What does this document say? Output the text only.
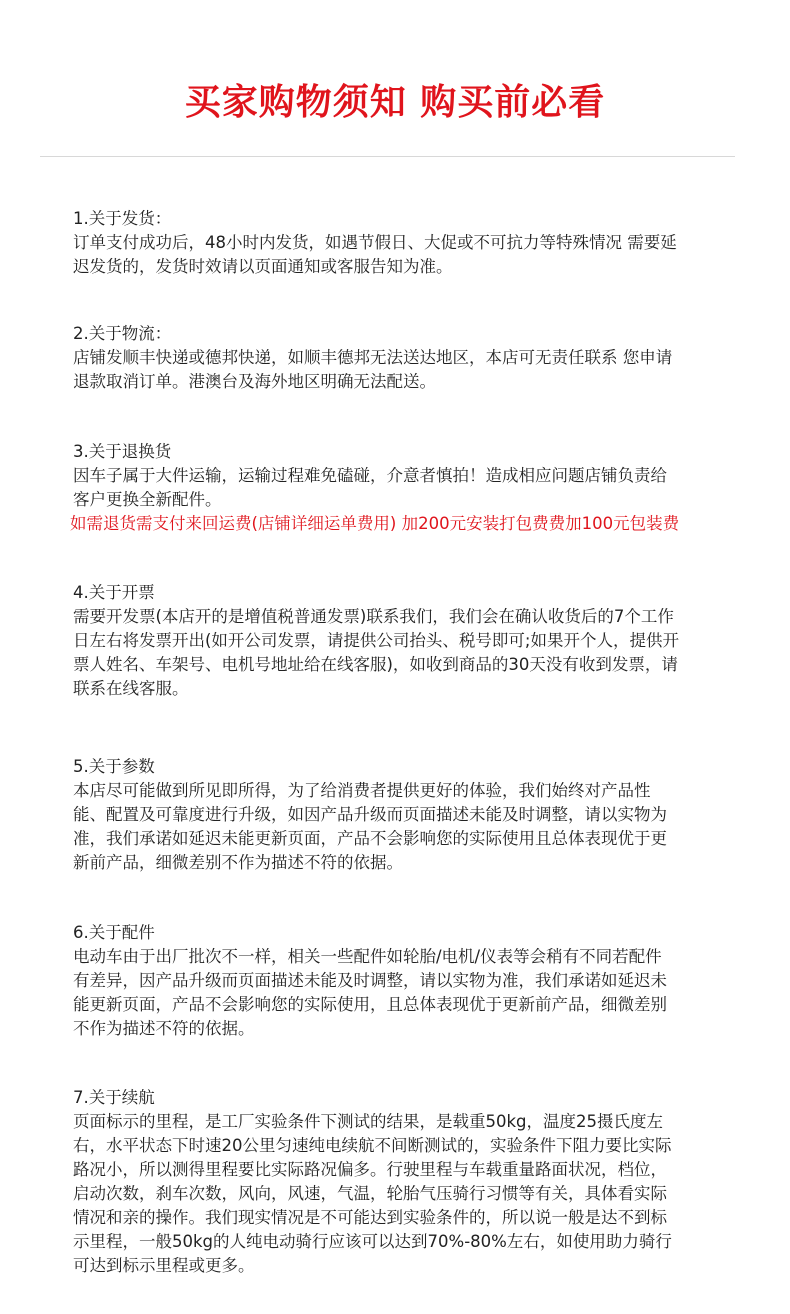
买家购物须知 购买前必看
1.关于发货：
订单支付成功后，48小时内发货，如遇节假日、大促或不可抗力等特殊情况 需要延
迟发货的，发货时效请以页面通知或客服告知为准。
2.关于物流：
店铺发顺丰快递或德邦快递，如顺丰德邦无法送达地区，本店可无责任联系 您申请
退款取消订单。港澳台及海外地区明确无法配送。
3.关于退换货
因车子属于大件运输，运输过程难免磕碰，介意者慎拍！造成相应问题店铺负责给
客户更换全新配件。
如需退货需支付来回运费(店铺详细运单费用) 加200元安装打包费费加100元包装费
4.关于开票
需要开发票(本店开的是增值税普通发票)联系我们，我们会在确认收货后的7个工作
日左右将发票开出(如开公司发票，请提供公司抬头、税号即可;如果开个人，提供开
票人姓名、车架号、电机号地址给在线客服)，如收到商品的30天没有收到发票，请
联系在线客服。
5.关于参数
本店尽可能做到所见即所得，为了给消费者提供更好的体验，我们始终对产品性
能、配置及可靠度进行升级，如因产品升级而页面描述未能及时调整，请以实物为
准，我们承诺如延迟未能更新页面，产品不会影响您的实际使用且总体表现优于更
新前产品，细微差别不作为描述不符的依据。
6.关于配件
电动车由于出厂批次不一样，相关一些配件如轮胎/电机/仪表等会稍有不同若配件
有差异，因产品升级而页面描述未能及时调整，请以实物为准，我们承诺如延迟未
能更新页面，产品不会影响您的实际使用，且总体表现优于更新前产品，细微差别
不作为描述不符的依据。
7.关于续航
页面标示的里程，是工厂实验条件下测试的结果，是载重50kg，温度25摄氏度左
右，水平状态下时速20公里匀速纯电续航不间断测试的，实验条件下阻力要比实际
路况小，所以测得里程要比实际路况偏多。行驶里程与车载重量路面状况，档位，
启动次数，刹车次数，风向，风速，气温，轮胎气压骑行习惯等有关，具体看实际
情况和亲的操作。我们现实情况是不可能达到实验条件的，所以说一般是达不到标
示里程，一般50kg的人纯电动骑行应该可以达到70%-80%左右，如使用助力骑行
可达到标示里程或更多。
